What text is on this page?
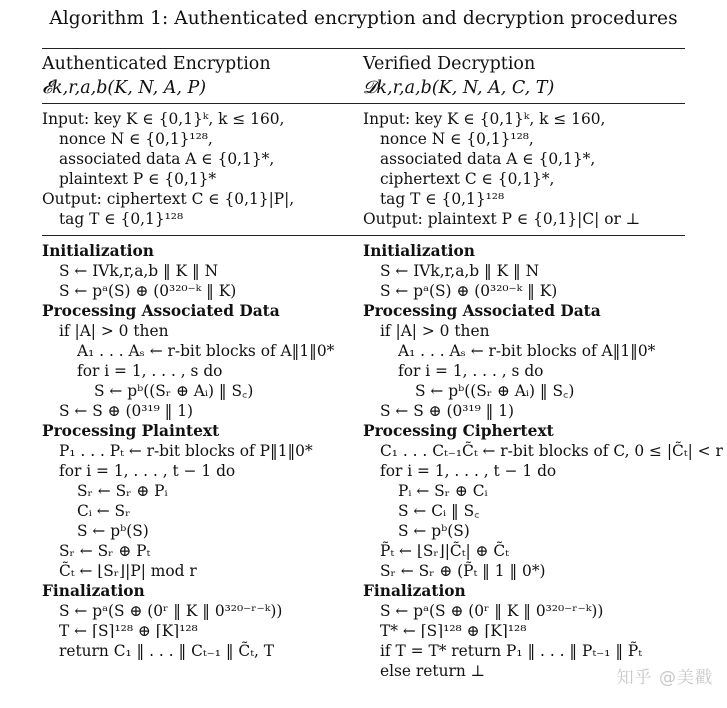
Algorithm 1: Authenticated encryption and decryption procedures
Authenticated Encryption
𝓔k,r,a,b(K, N, A, P)
Input: key K ∈ {0,1}ᵏ, k ≤ 160,
nonce N ∈ {0,1}¹²⁸,
associated data A ∈ {0,1}*,
plaintext P ∈ {0,1}*
Output: ciphertext C ∈ {0,1}|P|,
tag T ∈ {0,1}¹²⁸
Initialization
S ← IVk,r,a,b ‖ K ‖ N
S ← pᵃ(S) ⊕ (0³²⁰⁻ᵏ ‖ K)
Processing Associated Data
if |A| > 0 then
A₁ . . . Aₛ ← r-bit blocks of A‖1‖0*
for i = 1, . . . , s do
S ← pᵇ((Sᵣ ⊕ Aᵢ) ‖ S꜀)
S ← S ⊕ (0³¹⁹ ‖ 1)
Processing Plaintext
P₁ . . . Pₜ ← r-bit blocks of P‖1‖0*
for i = 1, . . . , t − 1 do
Sᵣ ← Sᵣ ⊕ Pᵢ
Cᵢ ← Sᵣ
S ← pᵇ(S)
Sᵣ ← Sᵣ ⊕ Pₜ
C̃ₜ ← ⌊Sᵣ⌋|P| mod r
Finalization
S ← pᵃ(S ⊕ (0ʳ ‖ K ‖ 0³²⁰⁻ʳ⁻ᵏ))
T ← ⌈S⌉¹²⁸ ⊕ ⌈K⌉¹²⁸
return C₁ ‖ . . . ‖ Cₜ₋₁ ‖ C̃ₜ, T
Verified Decryption
𝓓k,r,a,b(K, N, A, C, T)
Input: key K ∈ {0,1}ᵏ, k ≤ 160,
nonce N ∈ {0,1}¹²⁸,
associated data A ∈ {0,1}*,
ciphertext C ∈ {0,1}*,
tag T ∈ {0,1}¹²⁸
Output: plaintext P ∈ {0,1}|C| or ⊥
Initialization
S ← IVk,r,a,b ‖ K ‖ N
S ← pᵃ(S) ⊕ (0³²⁰⁻ᵏ ‖ K)
Processing Associated Data
if |A| > 0 then
A₁ . . . Aₛ ← r-bit blocks of A‖1‖0*
for i = 1, . . . , s do
S ← pᵇ((Sᵣ ⊕ Aᵢ) ‖ S꜀)
S ← S ⊕ (0³¹⁹ ‖ 1)
Processing Ciphertext
C₁ . . . Cₜ₋₁C̃ₜ ← r-bit blocks of C, 0 ≤ |C̃ₜ| < r
for i = 1, . . . , t − 1 do
Pᵢ ← Sᵣ ⊕ Cᵢ
S ← Cᵢ ‖ S꜀
S ← pᵇ(S)
P̃ₜ ← ⌊Sᵣ⌋|C̃ₜ| ⊕ C̃ₜ
Sᵣ ← Sᵣ ⊕ (P̃ₜ ‖ 1 ‖ 0*)
Finalization
S ← pᵃ(S ⊕ (0ʳ ‖ K ‖ 0³²⁰⁻ʳ⁻ᵏ))
T* ← ⌈S⌉¹²⁸ ⊕ ⌈K⌉¹²⁸
if T = T* return P₁ ‖ . . . ‖ Pₜ₋₁ ‖ P̃ₜ
else return ⊥	知乎 @美戳
